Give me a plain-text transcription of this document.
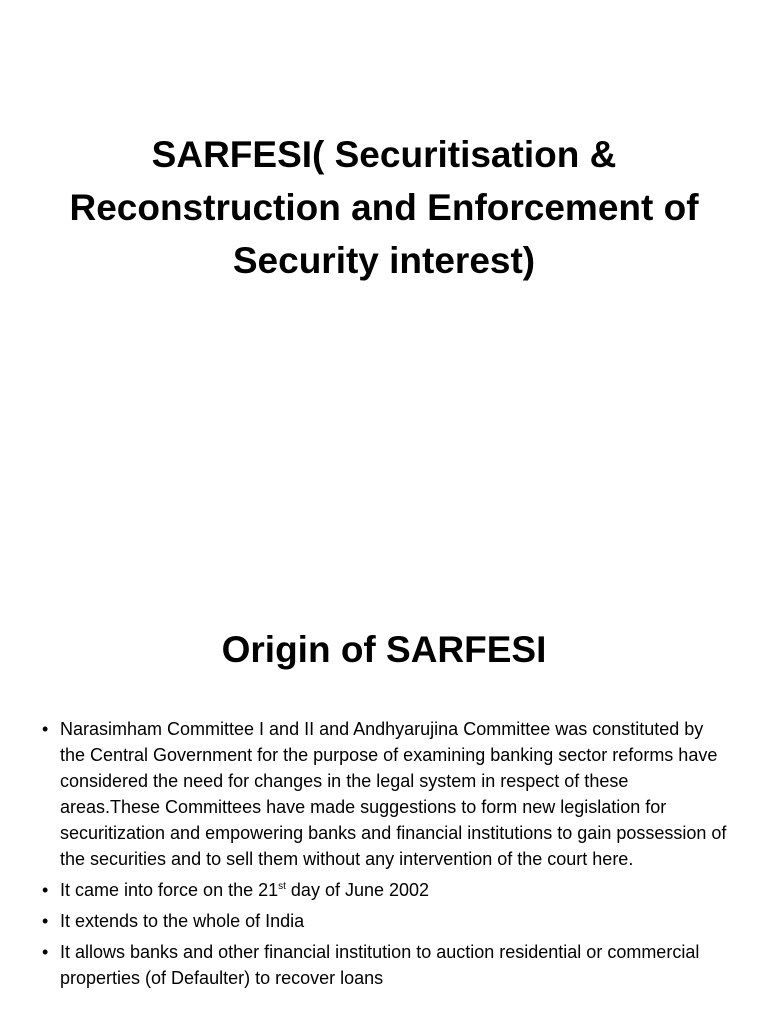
SARFESI( Securitisation & Reconstruction and Enforcement of Security interest)
Origin of SARFESI
• Narasimham Committee I and II and Andhyarujina Committee was constituted by the Central Government for the purpose of examining banking sector reforms have considered the need for changes in the legal system in respect of these areas.These Committees have made suggestions to form new legislation for securitization and empowering banks and financial institutions to gain possession of the securities and to sell them without any intervention of the court here.
• It came into force on the 21st day of June 2002
• It extends to the whole of India
• It allows banks and other financial institution to auction residential or commercial properties (of Defaulter) to recover loans
